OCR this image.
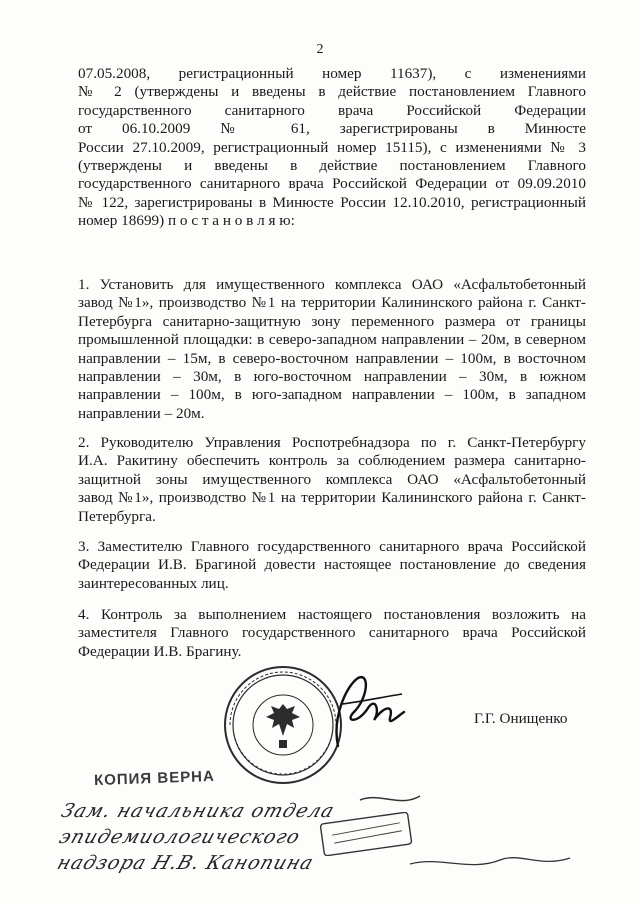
2
07.05.2008, регистрационный номер 11637), с изменениями
№ 2 (утверждены и введены в действие постановлением Главного
государственного санитарного врача Российской Федерации
от 06.10.2009 № 61, зарегистрированы в Минюсте
России 27.10.2009, регистрационный номер 15115), с изменениями № 3
(утверждены и введены в действие постановлением Главного
государственного санитарного врача Российской Федерации от 09.09.2010
№ 122, зарегистрированы в Минюсте России 12.10.2010, регистрационный
номер 18699) п о с т а н о в л я ю:
1. Установить для имущественного комплекса ОАО «Асфальтобетонный
завод №1», производство №1 на территории Калининского района г. Санкт-
Петербурга санитарно-защитную зону переменного размера от границы
промышленной площадки: в северо-западном направлении – 20м, в северном
направлении – 15м, в северо-восточном направлении – 100м, в восточном
направлении – 30м, в юго-восточном направлении – 30м, в южном
направлении – 100м, в юго-западном направлении – 100м, в западном
направлении – 20м.
2. Руководителю Управления Роспотребнадзора по г. Санкт-Петербургу
И.А. Ракитину обеспечить контроль за соблюдением размера санитарно-
защитной зоны имущественного комплекса ОАО «Асфальтобетонный
завод №1», производство №1 на территории Калининского района г. Санкт-
Петербурга.
3. Заместителю Главного государственного санитарного врача Российской
Федерации И.В. Брагиной довести настоящее постановление до сведения
заинтересованных лиц.
4. Контроль за выполнением настоящего постановления возложить на
заместителя Главного государственного санитарного врача Российской
Федерации И.В. Брагину.
Г.Г. Онищенко
КОПИЯ ВЕРНА
Зам. начальника отдела
эпидемиологического
надзора Н.В. Канопина
